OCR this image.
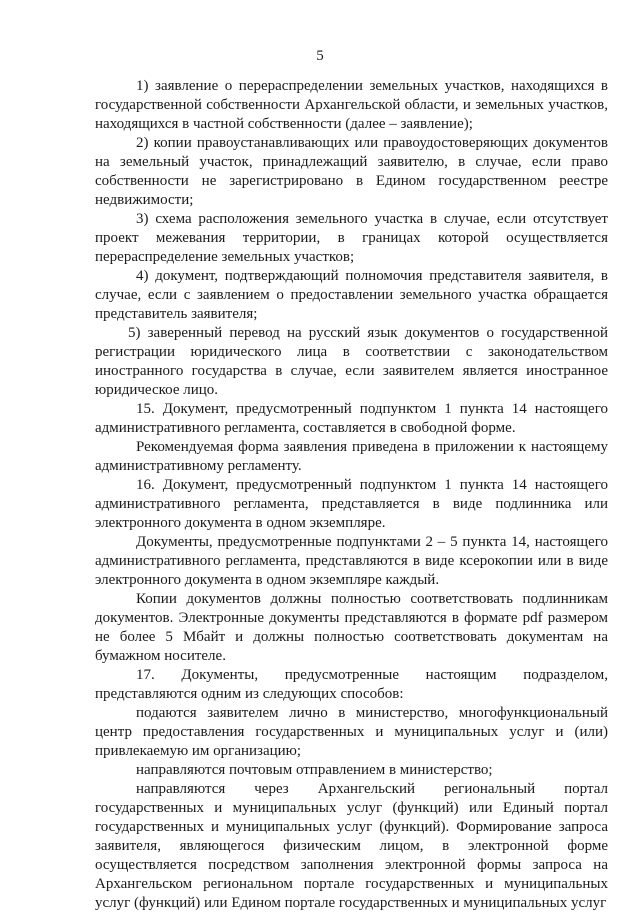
5

1) заявление о перераспределении земельных участков, находящихся в государственной собственности Архангельской области, и земельных участков, находящихся в частной собственности (далее – заявление);

2) копии правоустанавливающих или правоудостоверяющих документов на земельный участок, принадлежащий заявителю, в случае, если право собственности не зарегистрировано в Едином государственном реестре недвижимости;

3) схема расположения земельного участка в случае, если отсутствует проект межевания территории, в границах которой осуществляется перераспределение земельных участков;

4) документ, подтверждающий полномочия представителя заявителя, в случае, если с заявлением о предоставлении земельного участка обращается представитель заявителя;

5) заверенный перевод на русский язык документов о государственной регистрации юридического лица в соответствии с законодательством иностранного государства в случае, если заявителем является иностранное юридическое лицо.

15. Документ, предусмотренный подпунктом 1 пункта 14 настоящего административного регламента, составляется в свободной форме.

Рекомендуемая форма заявления приведена в приложении к настоящему административному регламенту.

16. Документ, предусмотренный подпунктом 1 пункта 14 настоящего административного регламента, представляется в виде подлинника или электронного документа в одном экземпляре.

Документы, предусмотренные подпунктами 2 – 5 пункта 14, настоящего административного регламента, представляются в виде ксерокопии или в виде электронного документа в одном экземпляре каждый.

Копии документов должны полностью соответствовать подлинникам документов. Электронные документы представляются в формате pdf размером не более 5 Мбайт и должны полностью соответствовать документам на бумажном носителе.

17. Документы, предусмотренные настоящим подразделом, представляются одним из следующих способов:

подаются заявителем лично в министерство, многофункциональный центр предоставления государственных и муниципальных услуг и (или) привлекаемую им организацию;

направляются почтовым отправлением в министерство;

направляются через Архангельский региональный портал государственных и муниципальных услуг (функций) или Единый портал государственных и муниципальных услуг (функций). Формирование запроса заявителя, являющегося физическим лицом, в электронной форме осуществляется посредством заполнения электронной формы запроса на Архангельском региональном портале государственных и муниципальных услуг (функций) или Едином портале государственных и муниципальных услуг
